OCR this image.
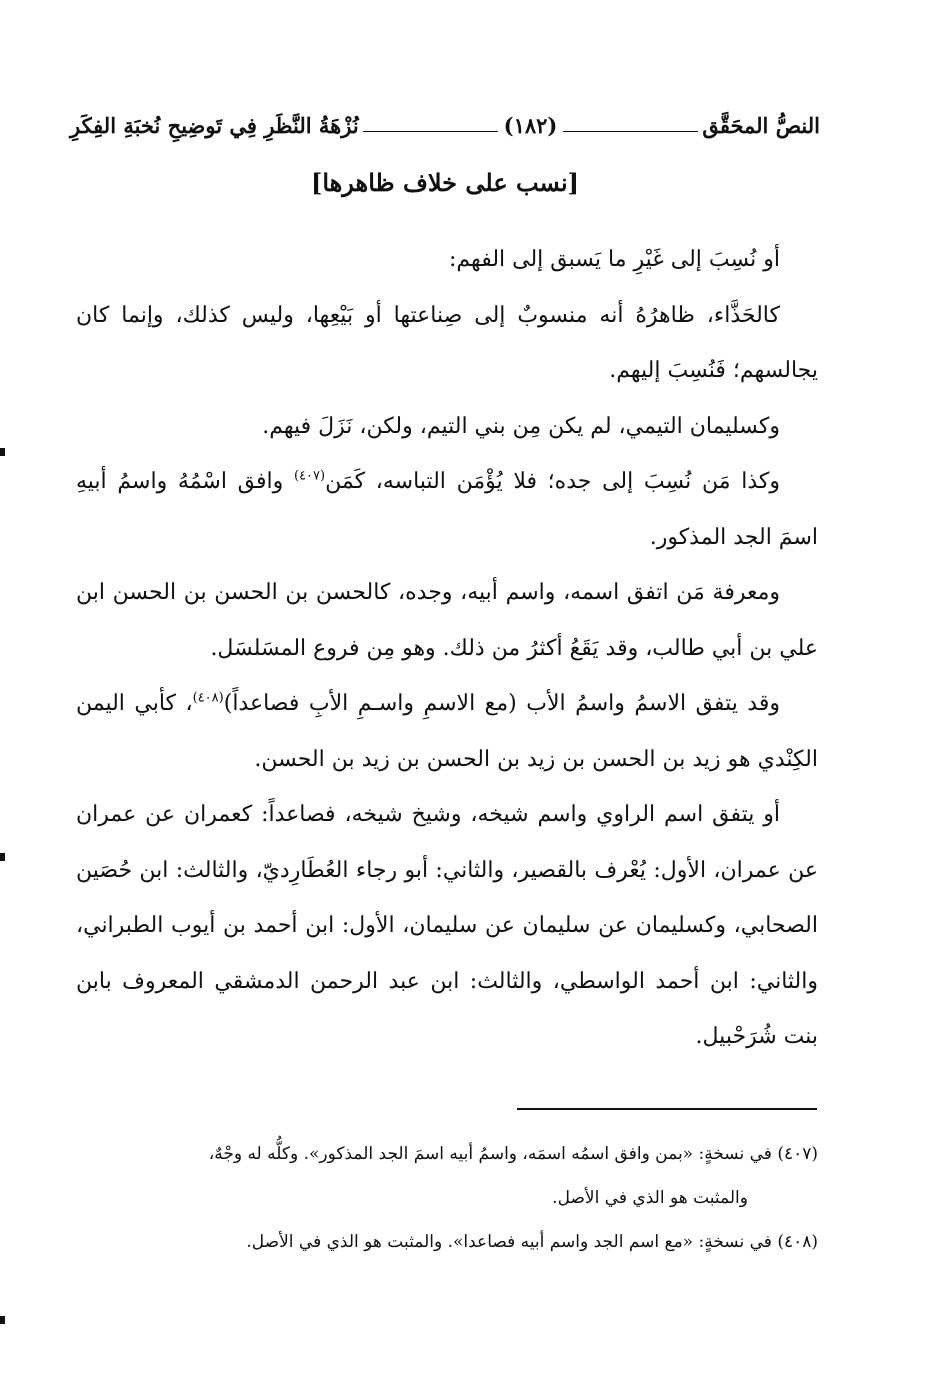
النصُّ المحَقَّق
(١٨٢)
نُزْهَةُ النَّظَرِ فِي تَوضِيحِ نُخبَةِ الفِكَرِ
[نسب على خلاف ظاهرها]

أو نُسِبَ إلى غَيْرِ ما يَسبق إلى الفهم:

كالحَذَّاء، ظاهرُهُ أنه منسوبٌ إلى صِناعتها أو بَيْعِها، وليس كذلك، وإنما كان يجالسهم؛ فَنُسِبَ إليهم.

وكسليمان التيمي، لم يكن مِن بني التيم، ولكن، نَزَلَ فيهم.

وكذا مَن نُسِبَ إلى جده؛ فلا يُؤْمَن التباسه، كَمَن$^{(٤٠٧)}$ وافق اسْمُهُ واسمُ أبيهِ اسمَ الجد المذكور.

ومعرفة مَن اتفق اسمه، واسم أبيه، وجده، كالحسن بن الحسن بن الحسن ابن علي بن أبي طالب، وقد يَقَعُ أكثرُ من ذلك. وهو مِن فروع المسَلسَل.

وقد يتفق الاسمُ واسمُ الأب (مع الاسمِ واسـمِ الأبِ فصاعداً)$^{(٤٠٨)}$، كأبي اليمن الكِنْدي هو زيد بن الحسن بن زيد بن الحسن بن زيد بن الحسن.

أو يتفق اسم الراوي واسم شيخه، وشيخ شيخه، فصاعداً: كعمران عن عمران عن عمران، الأول: يُعْرف بالقصير، والثاني: أبو رجاء العُطَارِديّ، والثالث: ابن حُصَين الصحابي، وكسليمان عن سليمان عن سليمان، الأول: ابن أحمد بن أيوب الطبراني، والثاني: ابن أحمد الواسطي، والثالث: ابن عبد الرحمن الدمشقي المعروف بابن بنت شُرَحْبيل.

(٤٠٧) في نسخةٍ: «بمن وافق اسمُه اسمَه، واسمُ أبيه اسمَ الجد المذكور». وكلُّه له وجْهٌ،
والمثبت هو الذي في الأصل.

(٤٠٨) في نسخةٍ: «مع اسم الجد واسم أبيه فصاعدا». والمثبت هو الذي في الأصل.
